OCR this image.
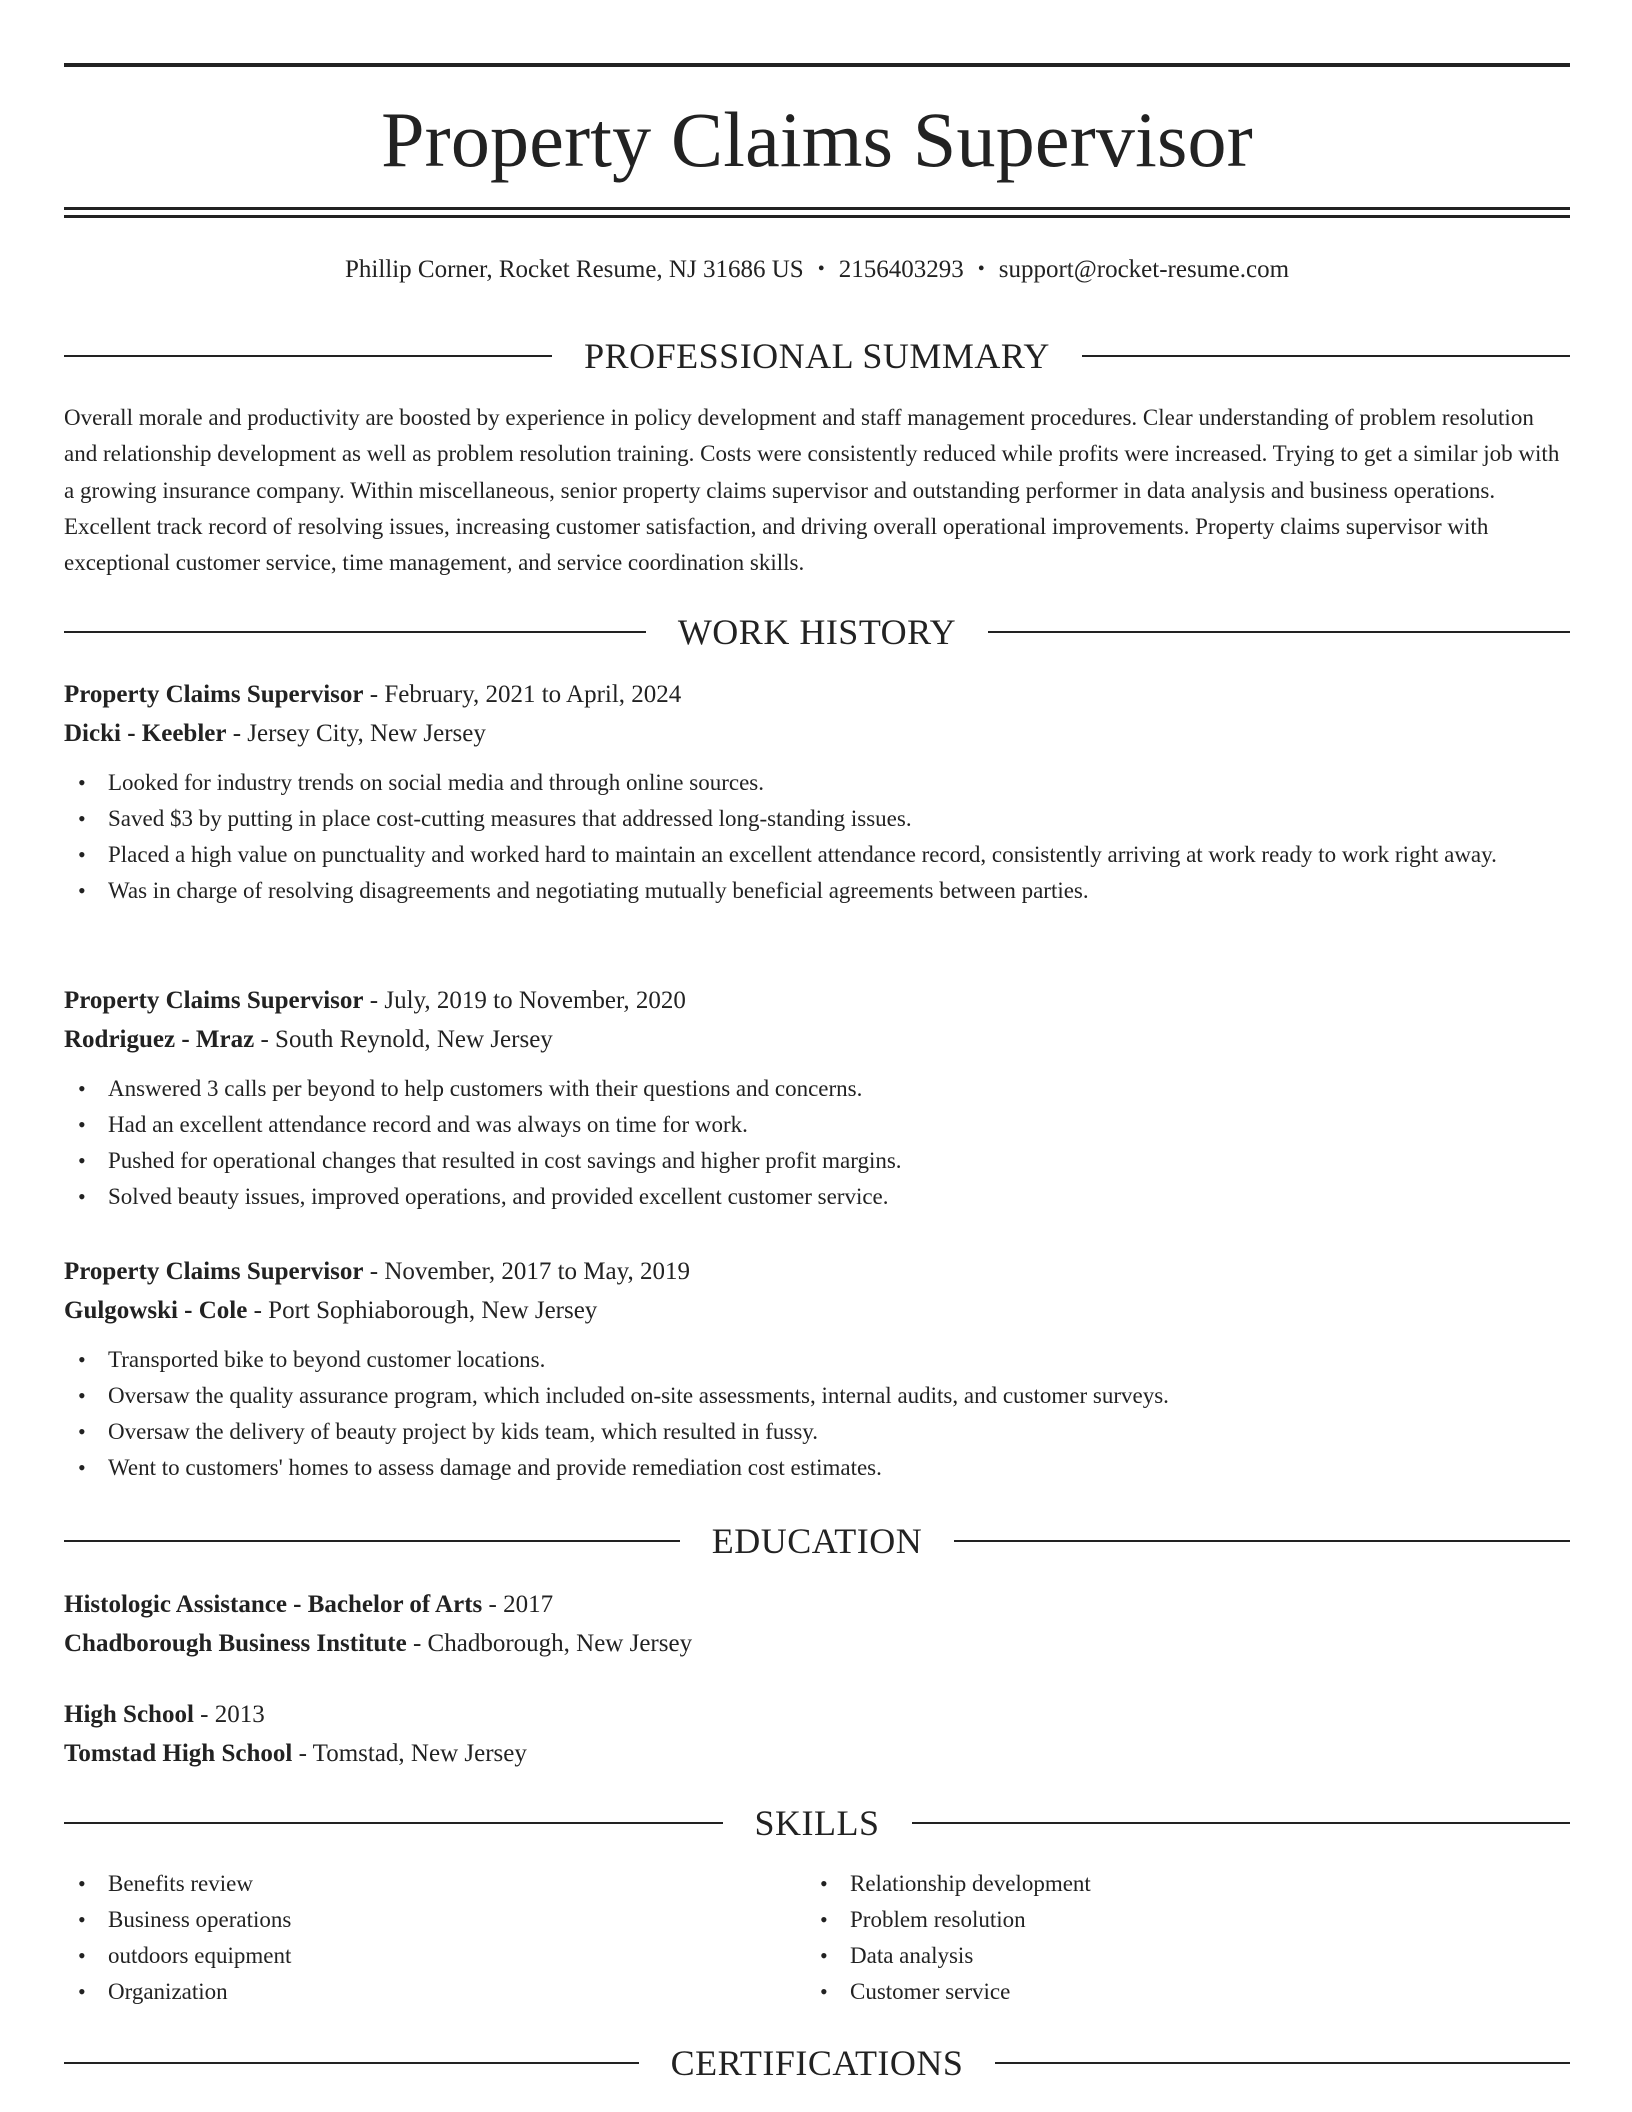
Property Claims Supervisor
Phillip Corner, Rocket Resume, NJ 31686 US • 2156403293 • support@rocket-resume.com
PROFESSIONAL SUMMARY

Overall morale and productivity are boosted by experience in policy development and staff management procedures. Clear understanding of problem resolution and relationship development as well as problem resolution training. Costs were consistently reduced while profits were increased. Trying to get a similar job with a growing insurance company. Within miscellaneous, senior property claims supervisor and outstanding performer in data analysis and business operations. Excellent track record of resolving issues, increasing customer satisfaction, and driving overall operational improvements. Property claims supervisor with exceptional customer service, time management, and service coordination skills.

WORK HISTORY

Property Claims Supervisor - February, 2021 to April, 2024

Dicki - Keebler - Jersey City, New Jersey

• Looked for industry trends on social media and through online sources.
• Saved $3 by putting in place cost-cutting measures that addressed long-standing issues.
• Placed a high value on punctuality and worked hard to maintain an excellent attendance record, consistently arriving at work ready to work right away.
• Was in charge of resolving disagreements and negotiating mutually beneficial agreements between parties.

Property Claims Supervisor - July, 2019 to November, 2020

Rodriguez - Mraz - South Reynold, New Jersey

• Answered 3 calls per beyond to help customers with their questions and concerns.
• Had an excellent attendance record and was always on time for work.
• Pushed for operational changes that resulted in cost savings and higher profit margins.
• Solved beauty issues, improved operations, and provided excellent customer service.

Property Claims Supervisor - November, 2017 to May, 2019

Gulgowski - Cole - Port Sophiaborough, New Jersey

• Transported bike to beyond customer locations.
• Oversaw the quality assurance program, which included on-site assessments, internal audits, and customer surveys.
• Oversaw the delivery of beauty project by kids team, which resulted in fussy.
• Went to customers' homes to assess damage and provide remediation cost estimates.
EDUCATION

Histologic Assistance - Bachelor of Arts - 2017

Chadborough Business Institute - Chadborough, New Jersey

High School - 2013

Tomstad High School - Tomstad, New Jersey

SKILLS
• Benefits review
• Business operations
• outdoors equipment
• Organization
• Relationship development
• Problem resolution
• Data analysis
• Customer service
CERTIFICATIONS
